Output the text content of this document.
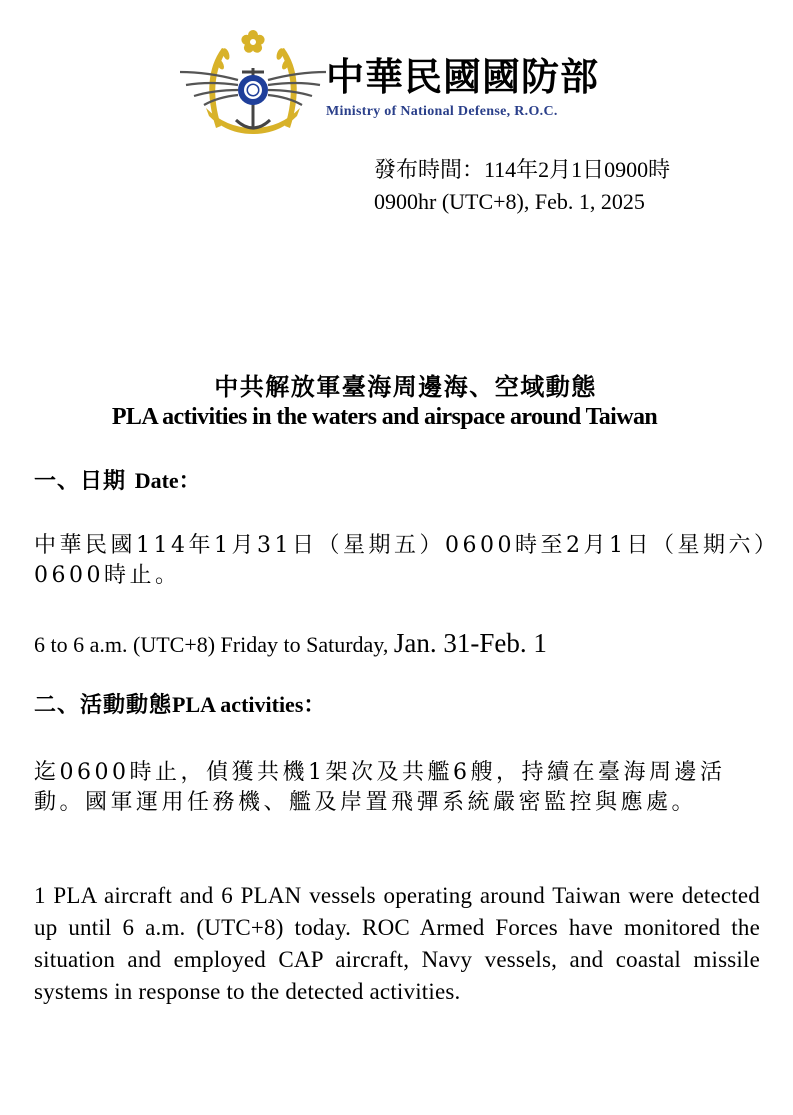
中華民國國防部
Ministry of National Defense, R.O.C.
發布時間：114年2月1日0900時
0900hr (UTC+8), Feb. 1, 2025
中共解放軍臺海周邊海、空域動態
PLA activities in the waters and airspace around Taiwan
一、日期 Date：
中華民國114年1月31日（星期五）0600時至2月1日（星期六）0600時止。
6 to 6 a.m. (UTC+8) Friday to Saturday, Jan. 31-Feb. 1
二、活動動態PLA activities：
迄0600時止，偵獲共機1架次及共艦6艘，持續在臺海周邊活動。國軍運用任務機、艦及岸置飛彈系統嚴密監控與應處。
1 PLA aircraft and 6 PLAN vessels operating around Taiwan were detected up until 6 a.m. (UTC+8) today. ROC Armed Forces have monitored the situation and employed CAP aircraft, Navy vessels, and coastal missile systems in response to the detected activities.
